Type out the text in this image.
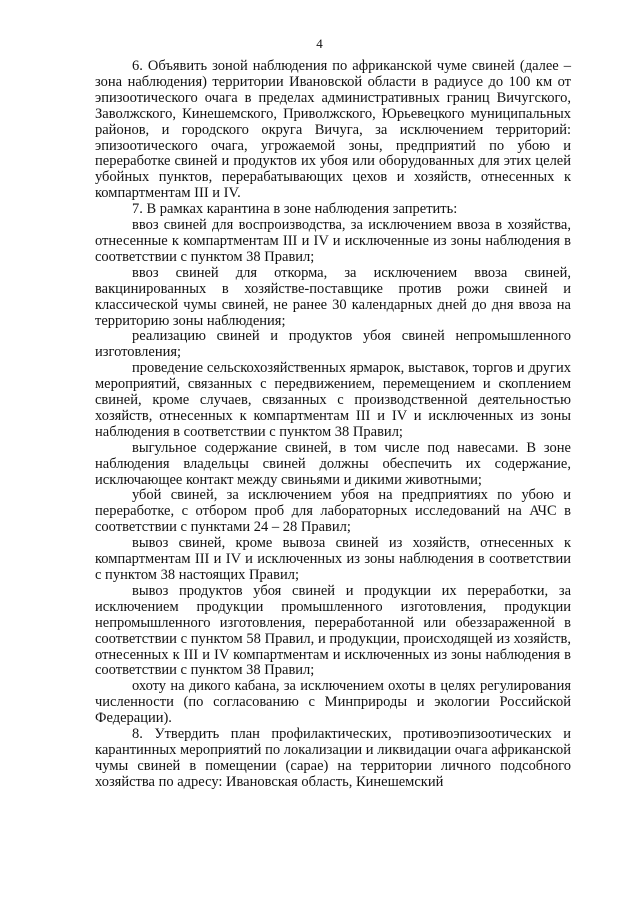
4

6. Объявить зоной наблюдения по африканской чуме свиней (далее – зона наблюдения) территории Ивановской области в радиусе до 100 км от эпизоотического очага в пределах административных границ Вичугского, Заволжского, Кинешемского, Приволжского, Юрьевецкого муниципальных районов, и городского округа Вичуга, за исключением территорий: эпизоотического очага, угрожаемой зоны, предприятий по убою и переработке свиней и продуктов их убоя или оборудованных для этих целей убойных пунктов, перерабатывающих цехов и хозяйств, отнесенных к компартментам III и IV.

7. В рамках карантина в зоне наблюдения запретить:

ввоз свиней для воспроизводства, за исключением ввоза в хозяйства, отнесенные к компартментам III и IV и исключенные из зоны наблюдения в соответствии с пунктом 38 Правил;

ввоз свиней для откорма, за исключением ввоза свиней, вакцинированных в хозяйстве-поставщике против рожи свиней и классической чумы свиней, не ранее 30 календарных дней до дня ввоза на территорию зоны наблюдения;

реализацию свиней и продуктов убоя свиней непромышленного изготовления;

проведение сельскохозяйственных ярмарок, выставок, торгов и других мероприятий, связанных с передвижением, перемещением и скоплением свиней, кроме случаев, связанных с производственной деятельностью хозяйств, отнесенных к компартментам III и IV и исключенных из зоны наблюдения в соответствии с пунктом 38 Правил;

выгульное содержание свиней, в том числе под навесами. В зоне наблюдения владельцы свиней должны обеспечить их содержание, исключающее контакт между свиньями и дикими животными;

убой свиней, за исключением убоя на предприятиях по убою и переработке, с отбором проб для лабораторных исследований на АЧС в соответствии с пунктами 24 – 28 Правил;

вывоз свиней, кроме вывоза свиней из хозяйств, отнесенных к компартментам III и IV и исключенных из зоны наблюдения в соответствии с пунктом 38 настоящих Правил;

вывоз продуктов убоя свиней и продукции их переработки, за исключением продукции промышленного изготовления, продукции непромышленного изготовления, переработанной или обеззараженной в соответствии с пунктом 58 Правил, и продукции, происходящей из хозяйств, отнесенных к III и IV компартментам и исключенных из зоны наблюдения в соответствии с пунктом 38 Правил;

охоту на дикого кабана, за исключением охоты в целях регулирования численности (по согласованию с Минприроды и экологии Российской Федерации).

8. Утвердить план профилактических, противоэпизоотических и карантинных мероприятий по локализации и ликвидации очага африканской чумы свиней в помещении (сарае) на территории личного подсобного хозяйства по адресу: Ивановская область, Кинешемский
